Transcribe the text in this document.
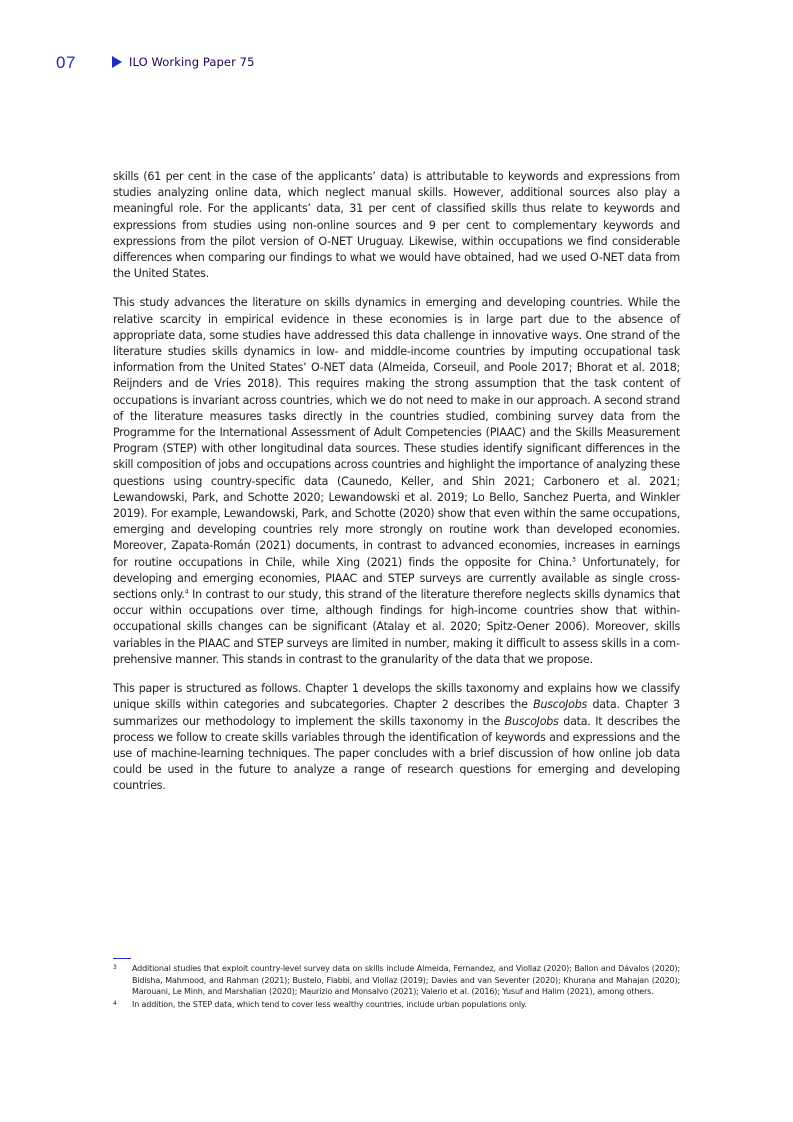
07	ILO Working Paper 75

skills (61 per cent in the case of the applicants’ data) is attributable to keywords and expressions from studies analyzing online data, which neglect manual skills. However, additional sources also play a meaningful role. For the applicants’ data, 31 per cent of classified skills thus relate to keywords and expressions from studies using non-online sources and 9 per cent to complementary keywords and expressions from the pilot version of O-NET Uruguay. Likewise, within occupations we find considerable differences when comparing our findings to what we would have obtained, had we used O-NET data from the United States.

This study advances the literature on skills dynamics in emerging and developing countries. While the relative scarcity in empirical evidence in these economies is in large part due to the absence of appropriate data, some studies have addressed this data challenge in innovative ways. One strand of the literature studies skills dynamics in low- and middle-income countries by imputing occupational task information from the United States’ O-NET data (Almeida, Corseuil, and Poole 2017; Bhorat et al. 2018; Reijnders and de Vries 2018). This requires making the strong assumption that the task content of occupations is invariant across countries, which we do not need to make in our approach. A second strand of the literature measures tasks directly in the countries studied, combining survey data from the Programme for the International Assessment of Adult Competencies (PIAAC) and the Skills Measurement Program (STEP) with other longitudinal data sources. These studies identify significant differences in the skill composition of jobs and occupations across countries and highlight the importance of analyzing these questions using country-specific data (Caunedo, Keller, and Shin 2021; Carbonero et al. 2021; Lewandowski, Park, and Schotte 2020; Lewandowski et al. 2019; Lo Bello, Sanchez Puerta, and Winkler 2019). For example, Lewandowski, Park, and Schotte (2020) show that even within the same occupations, emerging and developing countries rely more strongly on routine work than developed economies. Moreover, Zapata-Román (2021) documents, in contrast to advanced economies, increases in earnings for routine occupations in Chile, while Xing (2021) finds the opposite for China.$^3$ Unfortunately, for developing and emerging economies, PIAAC and STEP surveys are currently available as single cross-sections only.$^4$ In contrast to our study, this strand of the literature therefore neglects skills dynamics that occur within occupations over time, although findings for high-income countries show that within-occupational skills changes can be significant (Atalay et al. 2020; Spitz-Oener 2006). Moreover, skills variables in the PIAAC and STEP surveys are limited in number, making it difficult to assess skills in a comprehensive manner. This stands in contrast to the granularity of the data that we propose.

This paper is structured as follows. Chapter 1 develops the skills taxonomy and explains how we classify unique skills within categories and subcategories. Chapter 2 describes the BuscoJobs data. Chapter 3 summarizes our methodology to implement the skills taxonomy in the BuscoJobs data. It describes the process we follow to create skills variables through the identification of keywords and expressions and the use of machine-learning techniques. The paper concludes with a brief discussion of how online job data could be used in the future to analyze a range of research questions for emerging and developing countries.

3	Additional studies that exploit country-level survey data on skills include Almeida, Fernandez, and Viollaz (2020); Ballon and Dávalos (2020); Bidisha, Mahmood, and Rahman (2021); Bustelo, Flabbi, and Viollaz (2019); Davies and van Seventer (2020); Khurana and Mahajan (2020); Marouani, Le Minh, and Marshalian (2020); Maurizio and Monsalvo (2021); Valerio et al. (2016); Yusuf and Halim (2021), among others.
4	In addition, the STEP data, which tend to cover less wealthy countries, include urban populations only.
